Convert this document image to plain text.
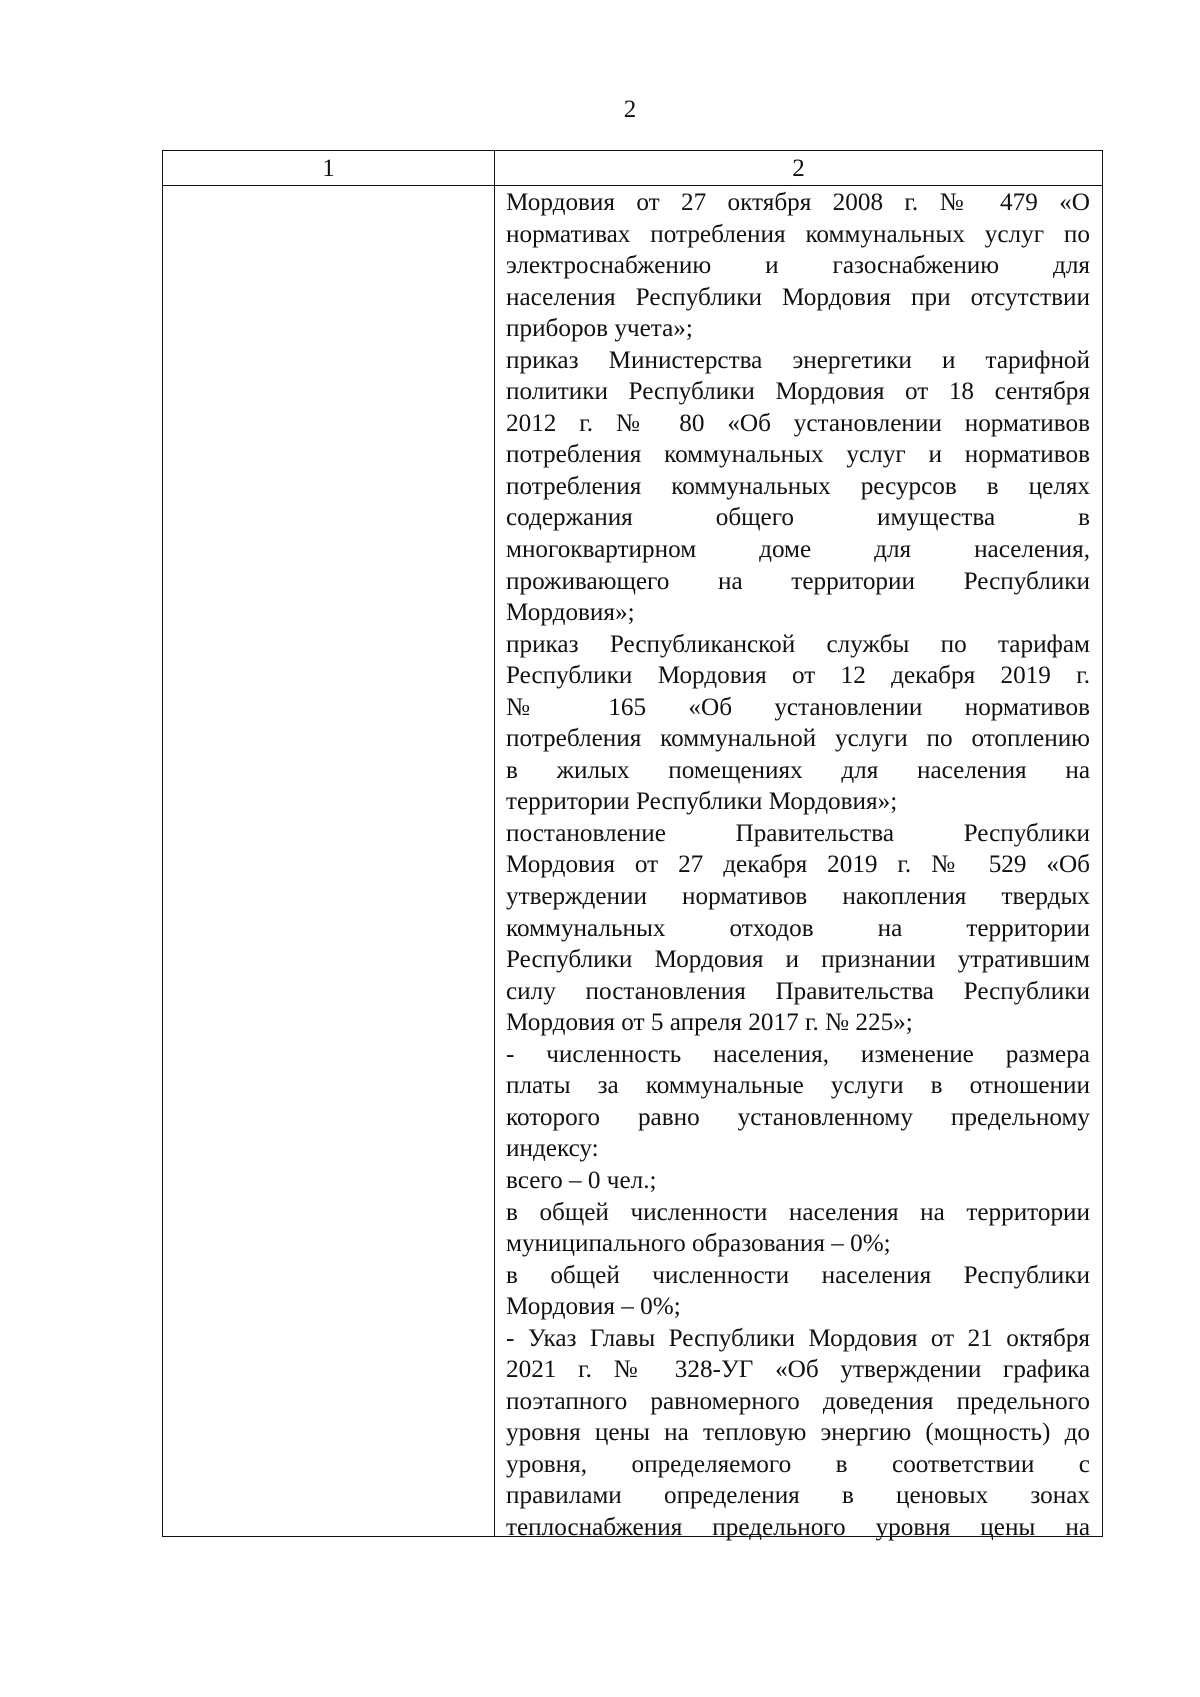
2
1	2
Мордовия от 27 октября 2008 г. № 479 «О
нормативах потребления коммунальных услуг по
электроснабжению и газоснабжению для
населения Республики Мордовия при отсутствии
приборов учета»;
приказ Министерства энергетики и тарифной
политики Республики Мордовия от 18 сентября
2012 г. № 80 «Об установлении нормативов
потребления коммунальных услуг и нормативов
потребления коммунальных ресурсов в целях
содержания общего имущества в
многоквартирном доме для населения,
проживающего на территории Республики
Мордовия»;
приказ Республиканской службы по тарифам
Республики Мордовия от 12 декабря 2019 г.
№ 165 «Об установлении нормативов
потребления коммунальной услуги по отоплению
в жилых помещениях для населения на
территории Республики Мордовия»;
постановление Правительства Республики
Мордовия от 27 декабря 2019 г. № 529 «Об
утверждении нормативов накопления твердых
коммунальных отходов на территории
Республики Мордовия и признании утратившим
силу постановления Правительства Республики
Мордовия от 5 апреля 2017 г. № 225»;
- численность населения, изменение размера
платы за коммунальные услуги в отношении
которого равно установленному предельному
индексу:
всего – 0 чел.;
в общей численности населения на территории
муниципального образования – 0%;
в общей численности населения Республики
Мордовия – 0%;
- Указ Главы Республики Мордовия от 21 октября
2021 г. № 328-УГ «Об утверждении графика
поэтапного равномерного доведения предельного
уровня цены на тепловую энергию (мощность) до
уровня, определяемого в соответствии с
правилами определения в ценовых зонах
теплоснабжения предельного уровня цены на
